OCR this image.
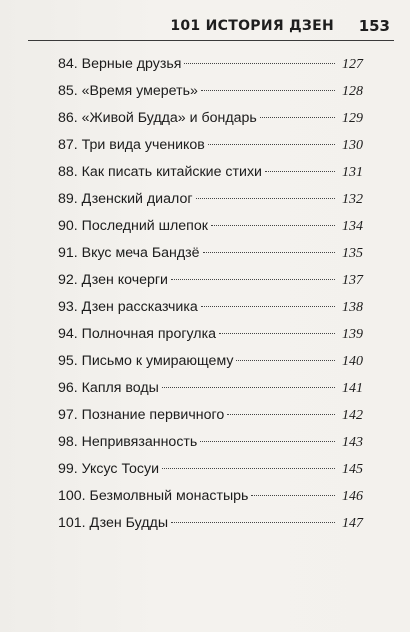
101 ИСТОРИЯ ДЗЕН 153
84. Верные друзья	127
85. «Время умереть»	128
86. «Живой Будда» и бондарь	129
87. Три вида учеников	130
88. Как писать китайские стихи	131
89. Дзенский диалог	132
90. Последний шлепок	134
91. Вкус меча Бандзё	135
92. Дзен кочерги	137
93. Дзен рассказчика	138
94. Полночная прогулка	139
95. Письмо к умирающему	140
96. Капля воды	141
97. Познание первичного	142
98. Непривязанность	143
99. Уксус Тосуи	145
100. Безмолвный монастырь	146
101. Дзен Будды	147
